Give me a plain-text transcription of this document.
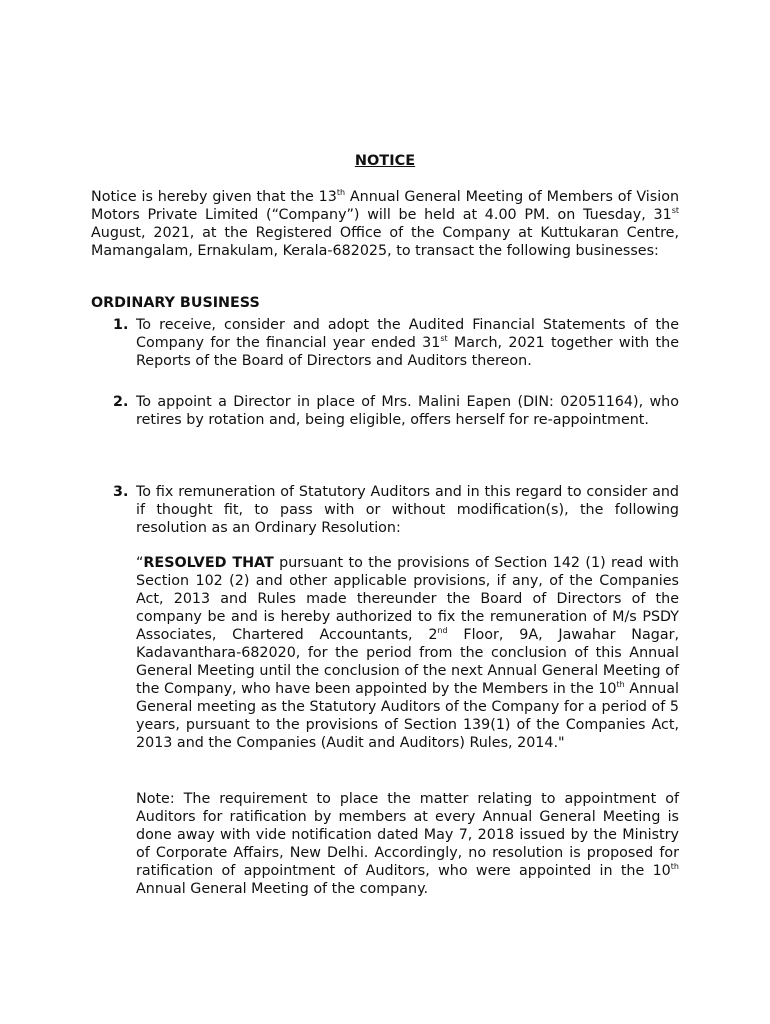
NOTICE

Notice is hereby given that the 13th Annual General Meeting of Members of Vision Motors Private Limited (“Company”) will be held at 4.00 PM. on Tuesday, 31st August, 2021, at the Registered Office of the Company at Kuttukaran Centre, Mamangalam, Ernakulam, Kerala-682025, to transact the following businesses:

ORDINARY BUSINESS
1. To receive, consider and adopt the Audited Financial Statements of the Company for the financial year ended 31st March, 2021 together with the Reports of the Board of Directors and Auditors thereon.

2. To appoint a Director in place of Mrs. Malini Eapen (DIN: 02051164), who retires by rotation and, being eligible, offers herself for re-appointment.

3. To fix remuneration of Statutory Auditors and in this regard to consider and if thought fit, to pass with or without modification(s), the following resolution as an Ordinary Resolution:

“RESOLVED THAT pursuant to the provisions of Section 142 (1) read with Section 102 (2) and other applicable provisions, if any, of the Companies Act, 2013 and Rules made thereunder the Board of Directors of the company be and is hereby authorized to fix the remuneration of M/s PSDY Associates, Chartered Accountants, 2nd Floor, 9A, Jawahar Nagar, Kadavanthara-682020, for the period from the conclusion of this Annual General Meeting until the conclusion of the next Annual General Meeting of the Company, who have been appointed by the Members in the 10th Annual General meeting as the Statutory Auditors of the Company for a period of 5 years, pursuant to the provisions of Section 139(1) of the Companies Act, 2013 and the Companies (Audit and Auditors) Rules, 2014."

Note: The requirement to place the matter relating to appointment of Auditors for ratification by members at every Annual General Meeting is done away with vide notification dated May 7, 2018 issued by the Ministry of Corporate Affairs, New Delhi. Accordingly, no resolution is proposed for ratification of appointment of Auditors, who were appointed in the 10th Annual General Meeting of the company.
